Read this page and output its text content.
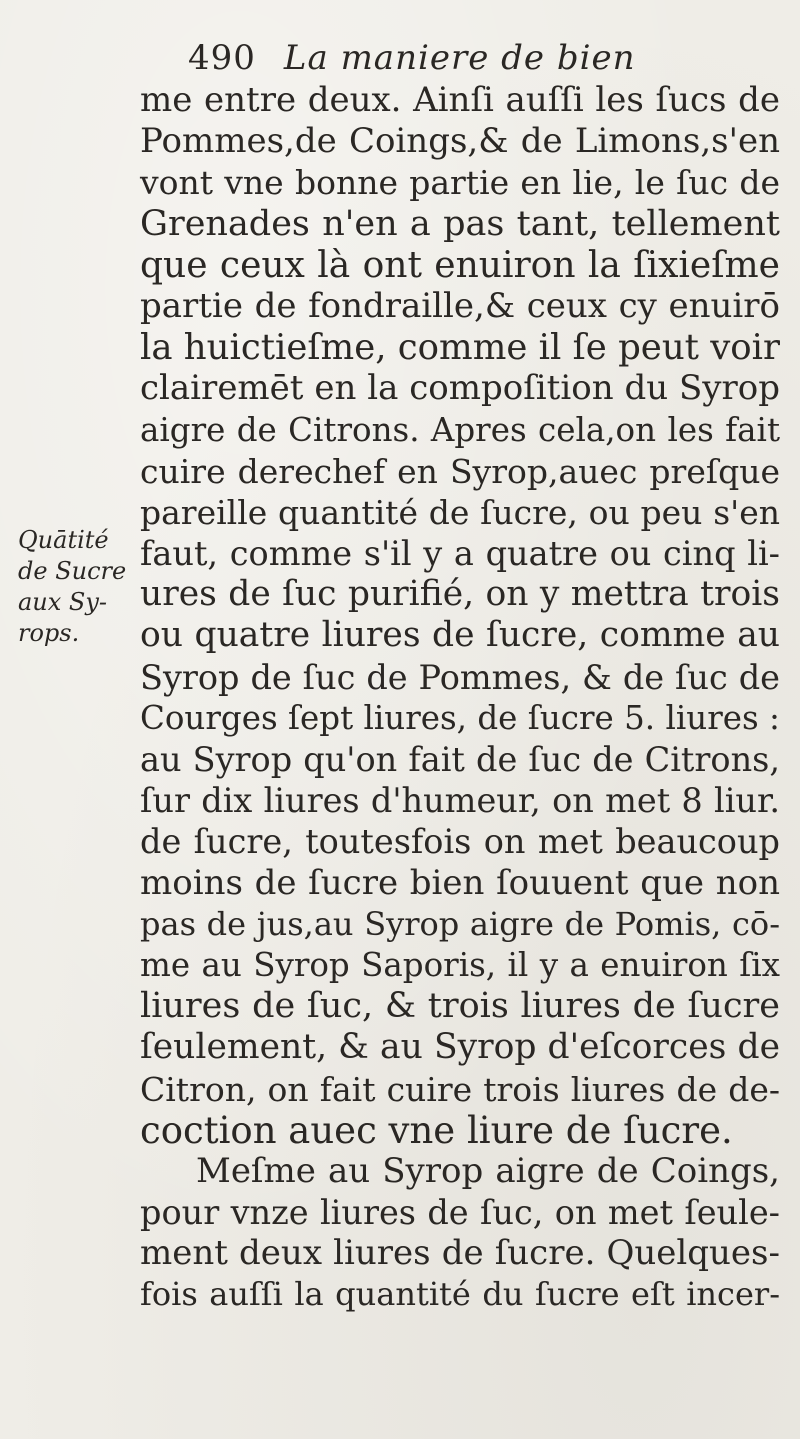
490 La maniere de bien
Quātité
de Sucre
aux Sy-
rops.
me entre deux. Ainſi auſſi les ſucs de
Pommes,de Coings,& de Limons,s'en
vont vne bonne partie en lie, le ſuc de
Grenades n'en a pas tant, tellement
que ceux là ont enuiron la ſixieſme
partie de fondraille,& ceux cy enuirō
la huictieſme, comme il ſe peut voir
clairemēt en la compoſition du Syrop
aigre de Citrons. Apres cela,on les fait
cuire derechef en Syrop,auec preſque
pareille quantité de ſucre, ou peu s'en
faut, comme s'il y a quatre ou cinq li-
ures de ſuc purifié, on y mettra trois
ou quatre liures de ſucre, comme au
Syrop de ſuc de Pommes, & de ſuc de
Courges ſept liures, de ſucre 5. liures :
au Syrop qu'on fait de ſuc de Citrons,
ſur dix liures d'humeur, on met 8 liur.
de ſucre, toutesfois on met beaucoup
moins de ſucre bien ſouuent que non
pas de jus,au Syrop aigre de Pomis, cō-
me au Syrop Saporis, il y a enuiron ſix
liures de ſuc, & trois liures de ſucre
ſeulement, & au Syrop d'eſcorces de
Citron, on fait cuire trois liures de de-
coction auec vne liure de ſucre.
Meſme au Syrop aigre de Coings,
pour vnze liures de ſuc, on met ſeule-
ment deux liures de ſucre. Quelques-
fois auſſi la quantité du ſucre eſt incer-
